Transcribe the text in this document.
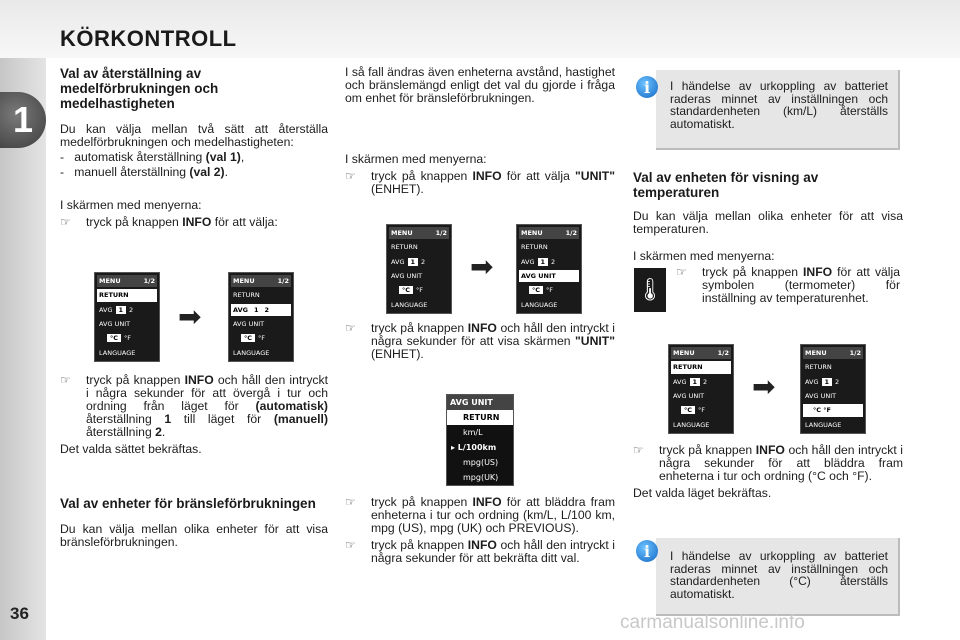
KÖRKONTROLL
1
36
Val av återställning av medelförbrukningen och medelhastigheten
Du kan välja mellan två sätt att återställa medelförbrukningen och medelhastigheten:
-   automatisk återställning (val 1),
-   manuell återställning (val 2).
I skärmen med menyerna:
☞	tryck på knappen INFO för att välja:
MENU	1/2
RETURN
AVG 1 2
AVG UNIT
°C °F
LANGUAGE
➡
MENU	1/2
RETURN
AVG 1 2
AVG UNIT
°C °F
LANGUAGE
☞	tryck på knappen INFO och håll den intryckt i några sekunder för att övergå i tur och ordning från läget för (automatisk) återställning 1 till läget för (manuell) återställning 2.
Det valda sättet bekräftas.
Val av enheter för bränsleförbrukningen
Du kan välja mellan olika enheter för att visa bränsleförbrukningen.
I så fall ändras även enheterna avstånd, hastighet och bränslemängd enligt det val du gjorde i fråga om enhet för bränsleförbrukningen.
I skärmen med menyerna:
☞	tryck på knappen INFO för att välja "UNIT" (ENHET).
MENU	1/2
RETURN
AVG 1 2
AVG UNIT
°C °F
LANGUAGE
➡
MENU	1/2
RETURN
AVG 1 2
AVG
UNIT
°C °F
LANGUAGE
☞	tryck på knappen INFO och håll den intryckt i några sekunder för att visa skärmen "UNIT" (ENHET).
AVG UNIT
RETURN
km/L
▸ L/100km
mpg(US)
mpg(UK)
☞	tryck på knappen INFO för att bläddra fram enheterna i tur och ordning (km/L, L/100 km, mpg (US), mpg (UK) och PREVIOUS).
☞	tryck på knappen INFO och håll den intryckt i några sekunder för att bekräfta ditt val.
I händelse av urkoppling av batteriet raderas minnet av inställningen och standardenheten (km/L) återställs automatiskt.
i
Val av enheten för visning av temperaturen
Du kan välja mellan olika enheter för att visa temperaturen.
I skärmen med menyerna:
🌡
☞	tryck på knappen INFO för att välja symbolen (termometer) för inställning av temperaturenhet.
MENU	1/2
RETURN
AVG 1 2
AVG UNIT
°C °F
LANGUAGE
➡
MENU	1/2
RETURN
AVG 1 2
AVG UNIT
°C
°F
LANGUAGE
☞	tryck på knappen INFO och håll den intryckt i några sekunder för att bläddra fram enheterna i tur och ordning (°C och °F).
Det valda läget bekräftas.
I händelse av urkoppling av batteriet raderas minnet av inställningen och standardenheten (°C) återställs automatiskt.
i
carmanualsonline.info
